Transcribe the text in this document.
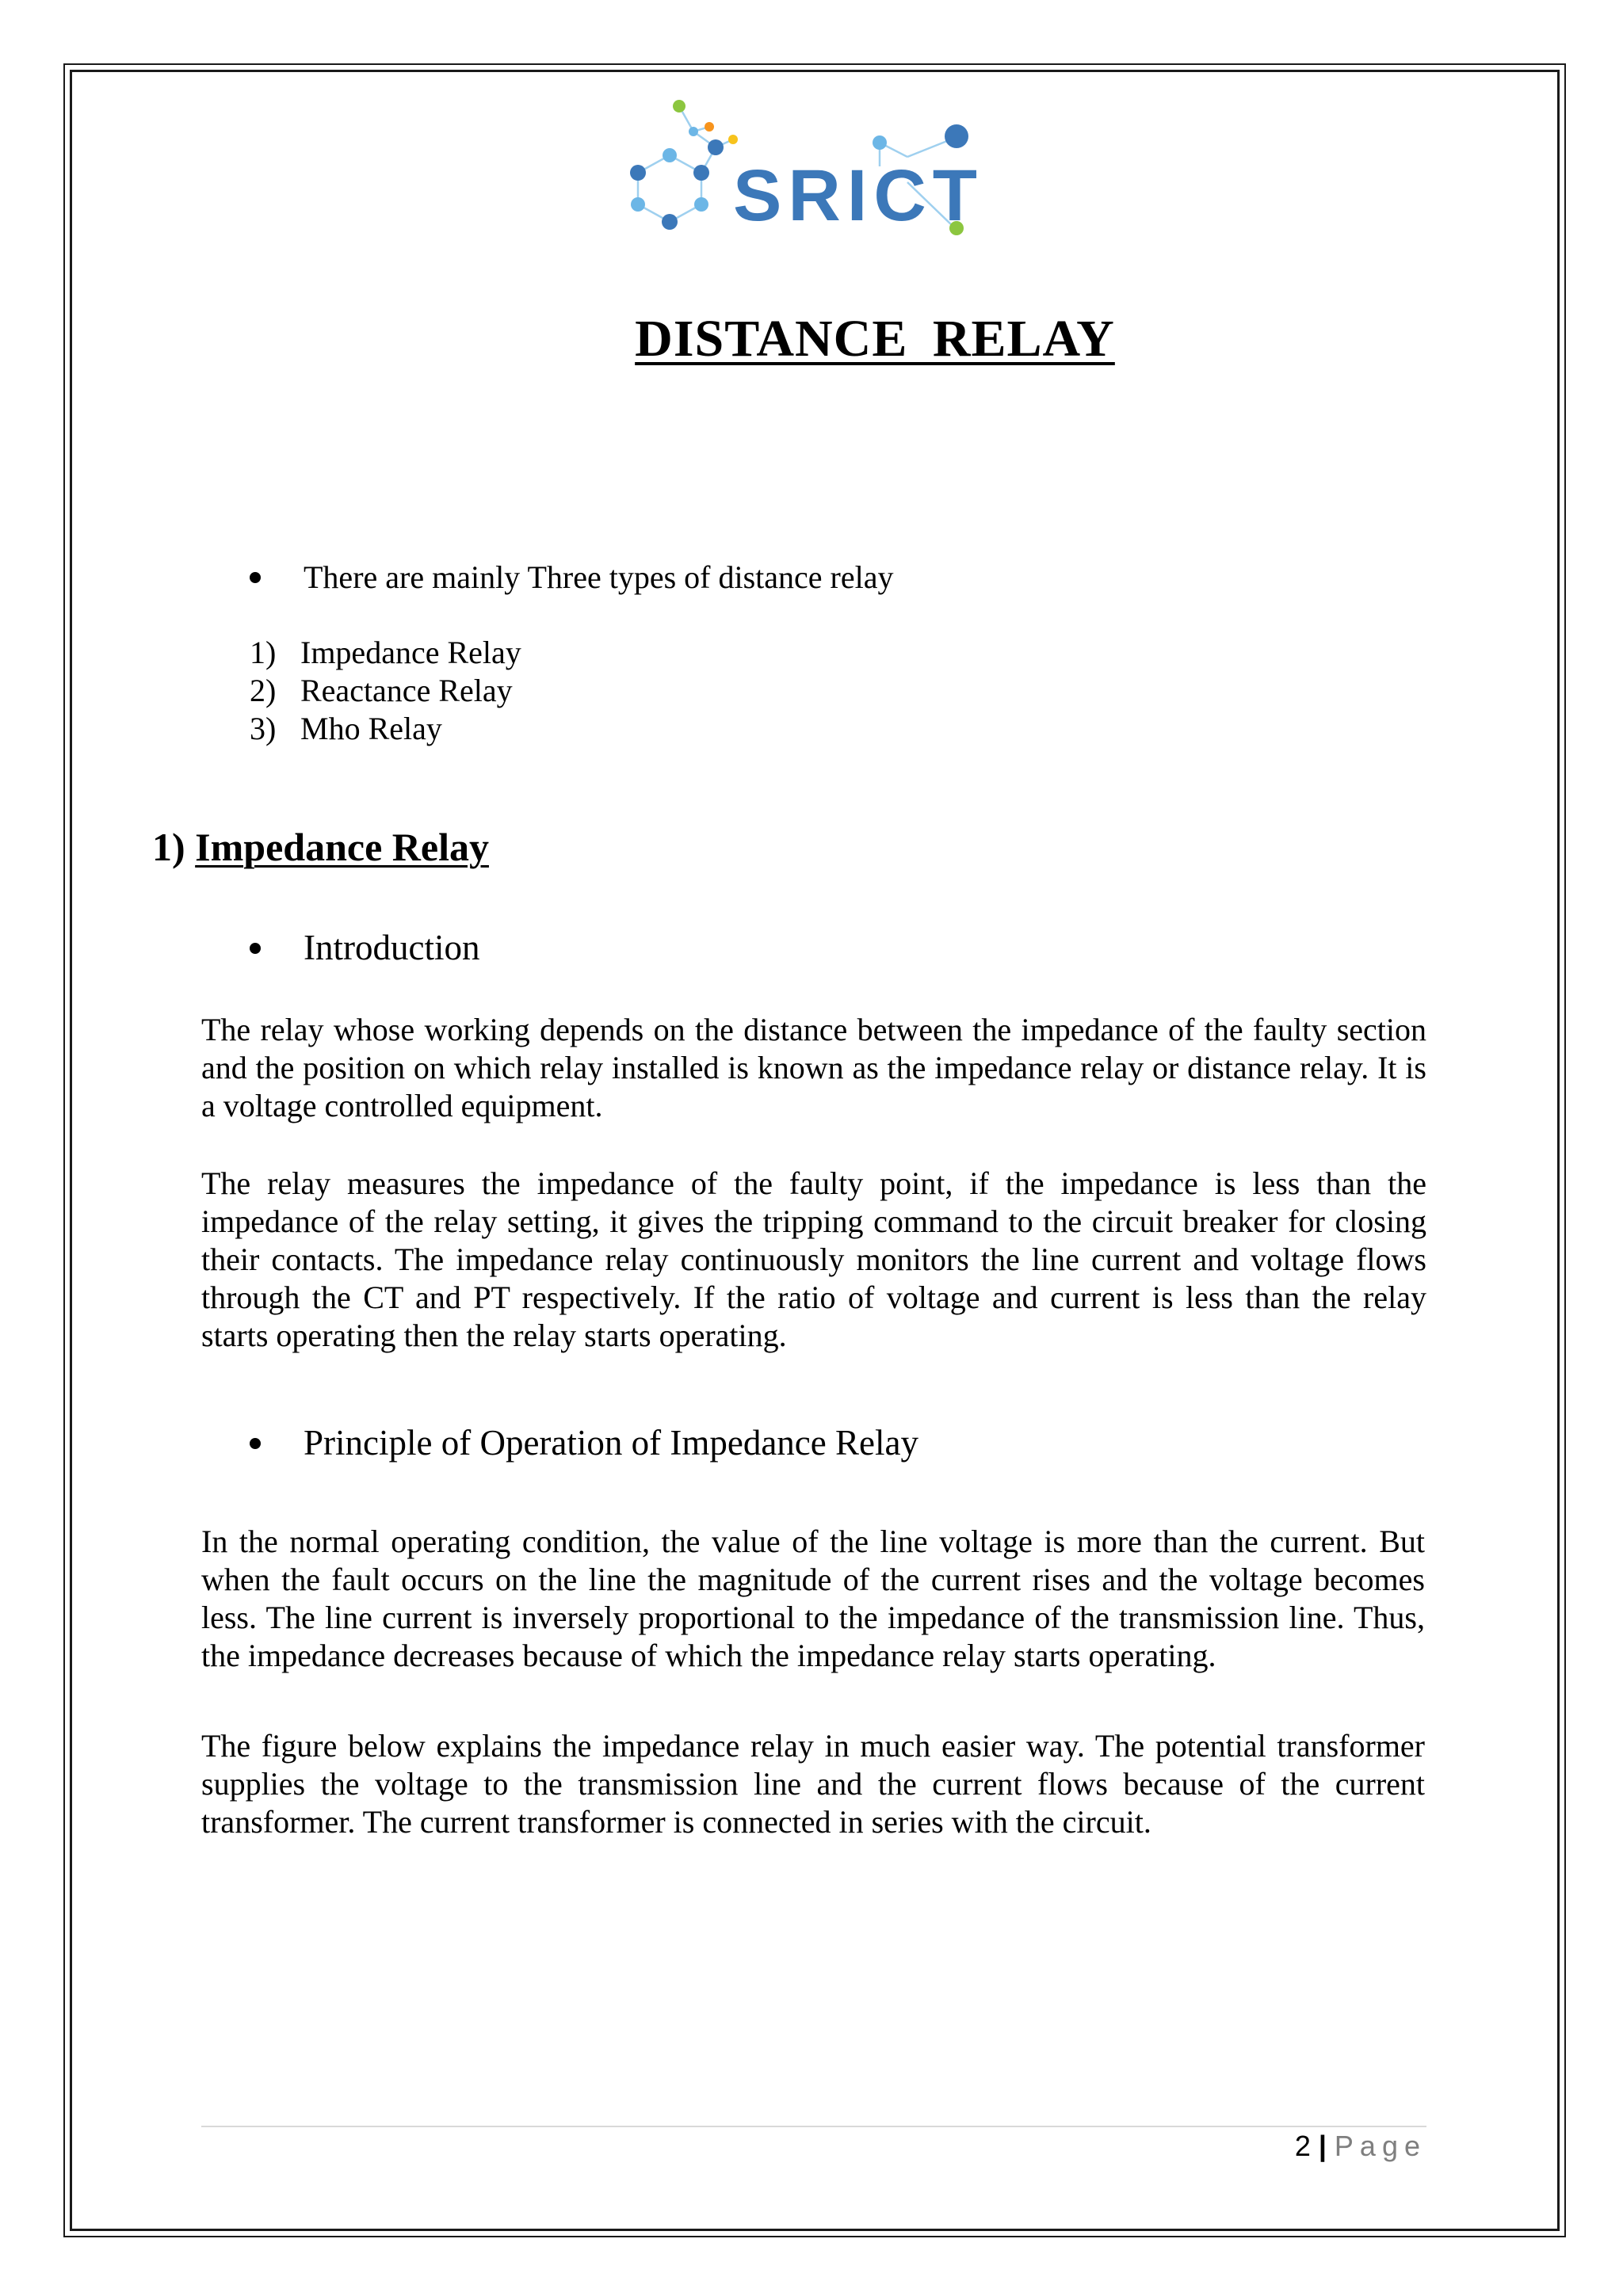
SRICT
DISTANCE RELAY
There are mainly Three types of distance relay
1) Impedance Relay
2) Reactance Relay
3) Mho Relay
1) Impedance Relay
Introduction

The relay whose working depends on the distance between the impedance of the faulty section and the position on which relay installed is known as the impedance relay or distance relay. It is a voltage controlled equipment.

The relay measures the impedance of the faulty point, if the impedance is less than the impedance of the relay setting, it gives the tripping command to the circuit breaker for closing their contacts. The impedance relay continuously monitors the line current and voltage flows through the CT and PT respectively. If the ratio of voltage and current is less than the relay starts operating then the relay starts operating.

Principle of Operation of Impedance Relay

In the normal operating condition, the value of the line voltage is more than the current. But when the fault occurs on the line the magnitude of the current rises and the voltage becomes less. The line current is inversely proportional to the impedance of the transmission line. Thus, the impedance decreases because of which the impedance relay starts operating.

The figure below explains the impedance relay in much easier way. The potential transformer supplies the voltage to the transmission line and the current flows because of the current transformer. The current transformer is connected in series with the circuit.

2 | Page
